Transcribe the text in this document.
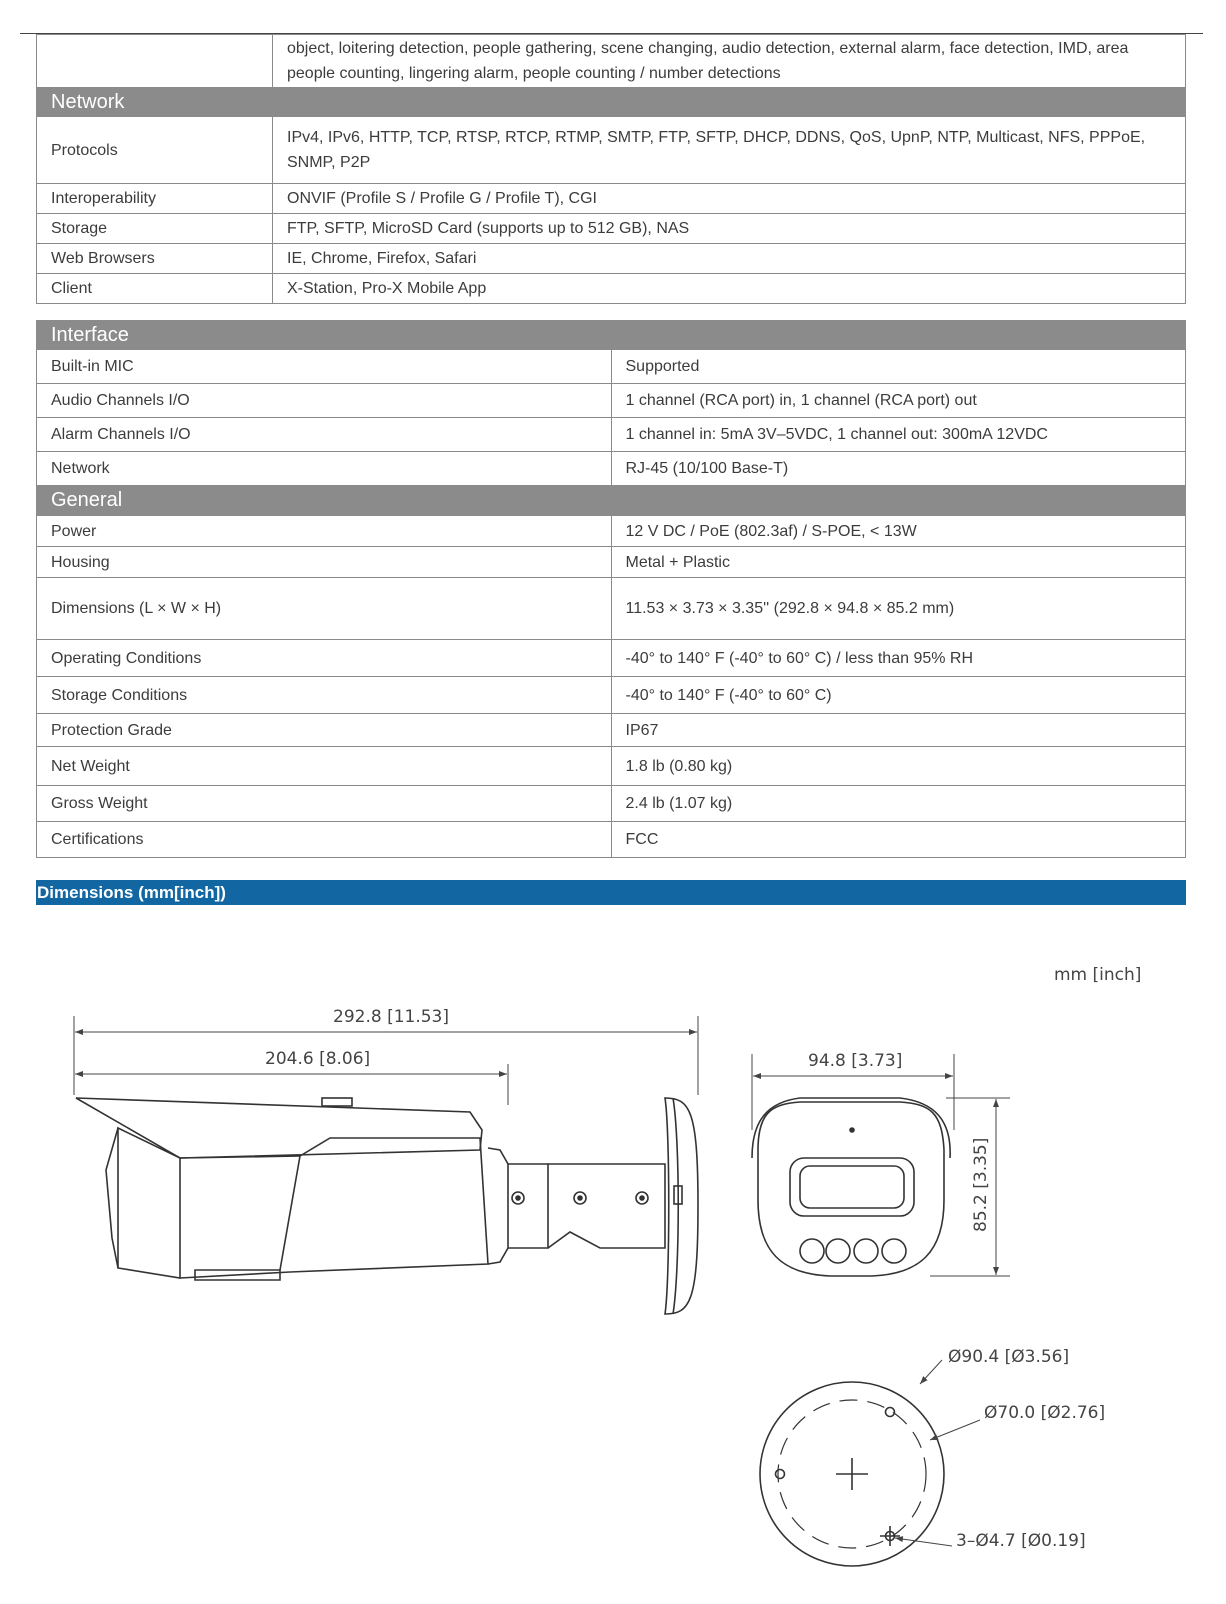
	object, loitering detection, people gathering, scene changing, audio detection, external alarm, face detection, IMD, area people counting, lingering alarm, people counting / number detections
Network	
Protocols	IPv4, IPv6, HTTP, TCP, RTSP, RTCP, RTMP, SMTP, FTP, SFTP, DHCP, DDNS, QoS, UpnP, NTP, Multicast, NFS, PPPoE, SNMP, P2P
Interoperability	ONVIF (Profile S / Profile G / Profile T), CGI
Storage	FTP, SFTP, MicroSD Card (supports up to 512 GB), NAS
Web Browsers	IE, Chrome, Firefox, Safari
Client	X-Station, Pro-X Mobile App
Interface	
Built-in MIC	Supported
Audio Channels I/O	1 channel (RCA port) in, 1 channel (RCA port) out
Alarm Channels I/O	1 channel in: 5mA 3V–5VDC, 1 channel out: 300mA 12VDC
Network	RJ-45 (10/100 Base-T)
General	
Power	12 V DC / PoE (802.3af) / S-POE, < 13W
Housing	Metal + Plastic
Dimensions (L × W × H)	11.53 × 3.73 × 3.35'' (292.8 × 94.8 × 85.2 mm)
Operating Conditions	-40° to 140° F (-40° to 60° C) / less than 95% RH
Storage Conditions	-40° to 140° F (-40° to 60° C)
Protection Grade	IP67
Net Weight	1.8 lb (0.80 kg)
Gross Weight	2.4 lb (1.07 kg)
Certifications	FCC
Dimensions (mm[inch])
mm [inch]
292.8 [11.53]
204.6 [8.06]	94.8 [3.73]
85.2 [3.35]
Ø90.4 [Ø3.56]
Ø70.0 [Ø2.76]
3–Ø4.7 [Ø0.19]
